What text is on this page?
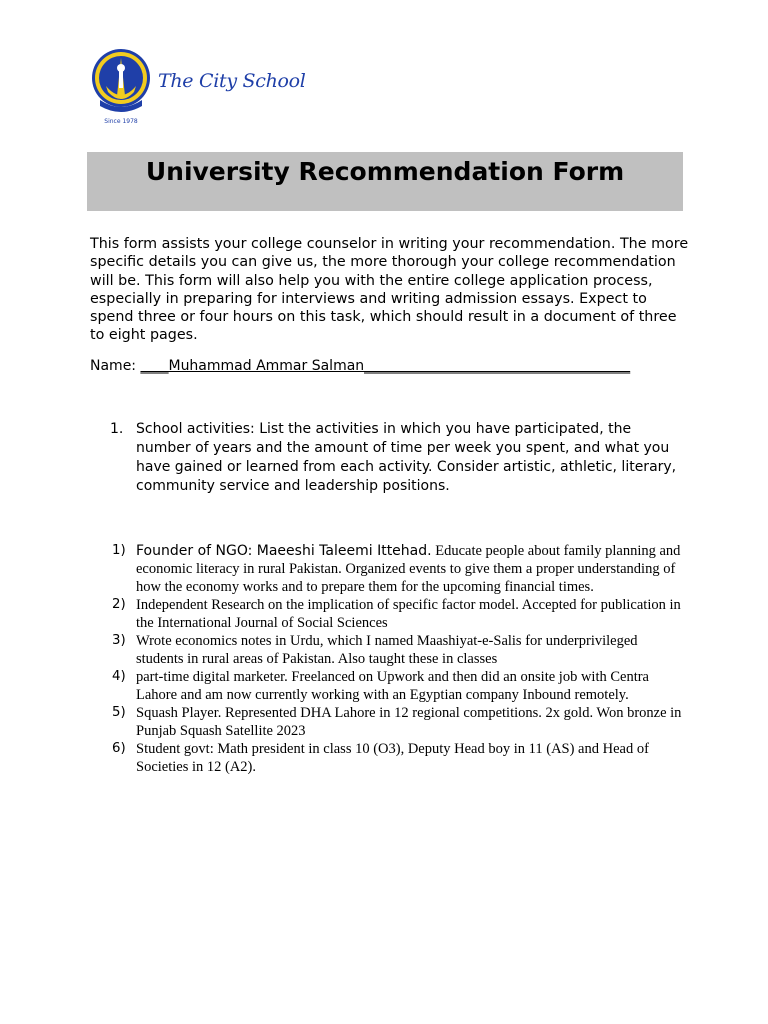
Since 1978
The City School
University Recommendation Form
This form assists your college counselor in writing your recommendation. The more specific details you can give us, the more thorough your college recommendation will be. This form will also help you with the entire college application process, especially in preparing for interviews and writing admission essays. Expect to spend three or four hours on this task, which should result in a document of three to eight pages.
Name: ____Muhammad Ammar Salman______________________________________
1. School activities: List the activities in which you have participated, the number of years and the amount of time per week you spent, and what you have gained or learned from each activity. Consider artistic, athletic, literary, community service and leadership positions.
1) Founder of NGO: Maeeshi Taleemi Ittehad. Educate people about family planning and economic literacy in rural Pakistan. Organized events to give them a proper understanding of how the economy works and to prepare them for the upcoming financial times.
2) Independent Research on the implication of specific factor model. Accepted for publication in the International Journal of Social Sciences
3) Wrote economics notes in Urdu, which I named Maashiyat-e-Salis for underprivileged students in rural areas of Pakistan. Also taught these in classes
4) part-time digital marketer. Freelanced on Upwork and then did an onsite job with Centra Lahore and am now currently working with an Egyptian company Inbound remotely.
5) Squash Player. Represented DHA Lahore in 12 regional competitions. 2x gold. Won bronze in Punjab Squash Satellite 2023
6) Student govt: Math president in class 10 (O3), Deputy Head boy in 11 (AS) and Head of Societies in 12 (A2).
